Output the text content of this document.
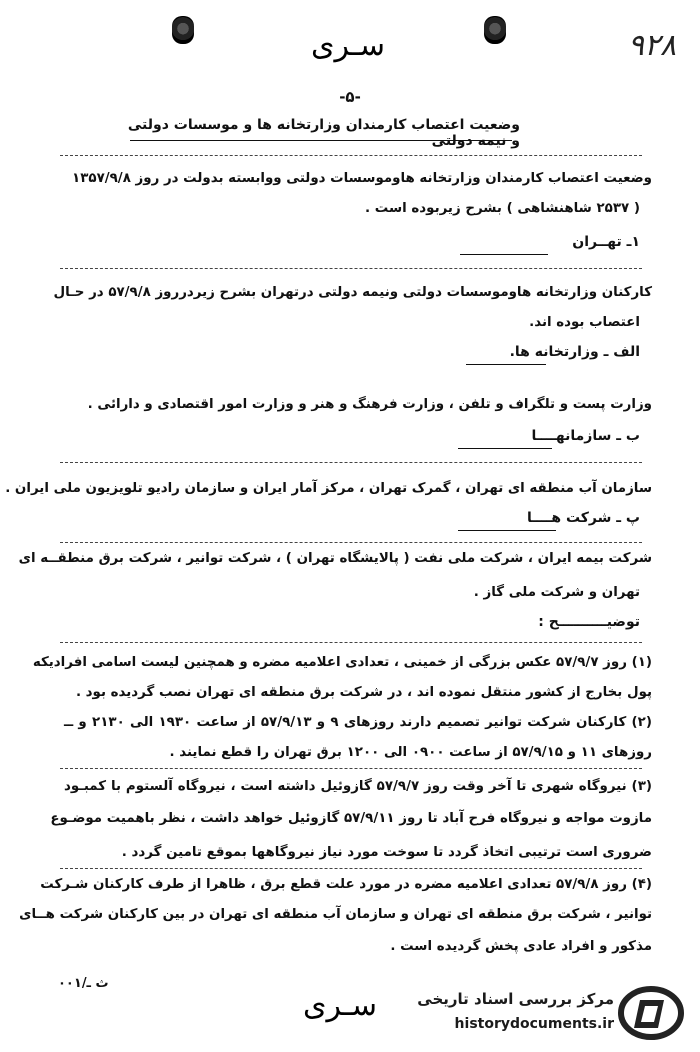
سـرى	۹۲۸
-۵-
وضعیت اعتصاب کارمندان وزارتخانه ها و موسسات دولتی و نیمه دولتی
وضعیت اعتصاب کارمندان وزارتخانه هاوموسسات دولتی ووابسته بدولت در روز ۱۳۵۷/۹/۸
( ۲۵۳۷ شاهنشاهی ) بشرح زیربوده است .
۱ـ تهــران
کارکنان وزارتخانه هاوموسسات دولتی ونیمه دولتی درتهران بشرح زیردرروز ۵۷/۹/۸ در حـال
اعتصاب بوده اند.
الف ـ وزارتخانه ها.
وزارت پست و تلگراف و تلفن ، وزارت فرهنگ و هنر و وزارت امور اقتصادی و دارائی .
ب ـ سازمانهــــا
سازمان آب منطقه ای تهران ، گمرک تهران ، مرکز آمار ایران و سازمان رادیو تلویزیون ملی ایران .
پ ـ شرکت هــــا
شرکت بیمه ایران ، شرکت ملی نفت ( پالایشگاه تهران ) ، شرکت توانیر ، شرکت برق منطقــه ای
تهران و شرکت ملی گاز .
توضیــــــــــح :
(۱) روز ۵۷/۹/۷ عکس بزرگی از خمینی ، تعدادی اعلامیه مضره و همچنین لیست اسامی افرادیکه
پول بخارج از کشور منتقل نموده اند ، در شرکت برق منطقه ای تهران نصب گردیده بود .
(۲) کارکنان شرکت توانیر تصمیم دارند روزهای ۹ و ۵۷/۹/۱۳ از ساعت ۱۹۳۰ الی ۲۱۳۰ و ــ
روزهای ۱۱ و ۵۷/۹/۱۵ از ساعت ۰۹۰۰ الی ۱۲۰۰ برق تهران را قطع نمایند .
(۳) نیروگاه شهری تا آخر وقت روز ۵۷/۹/۷ گازوئیل داشته است ، نیروگاه آلستوم با کمبـود
مازوت مواجه و نیروگاه فرح آباد تا روز ۵۷/۹/۱۱ گازوئیل خواهد داشت ، نظر باهمیت موضـوع
ضروری است ترتیبی اتخاذ گردد تا سوخت مورد نیاز نیروگاهها بموقع تامین گردد .
(۴) روز ۵۷/۹/۸ تعدادی اعلامیه مضره در مورد علت قطع برق ، ظاهرا از طرف کارکنان شـرکت
توانیر ، شرکت برق منطقه ای تهران و سازمان آب منطقه ای تهران در بین کارکنان شرکت هــای
مذکور و افراد عادی پخش گردیده است .
ث ـ/۰۰۱
سـرى	مرکز بررسی اسناد تاریخی
historydocuments.ir
